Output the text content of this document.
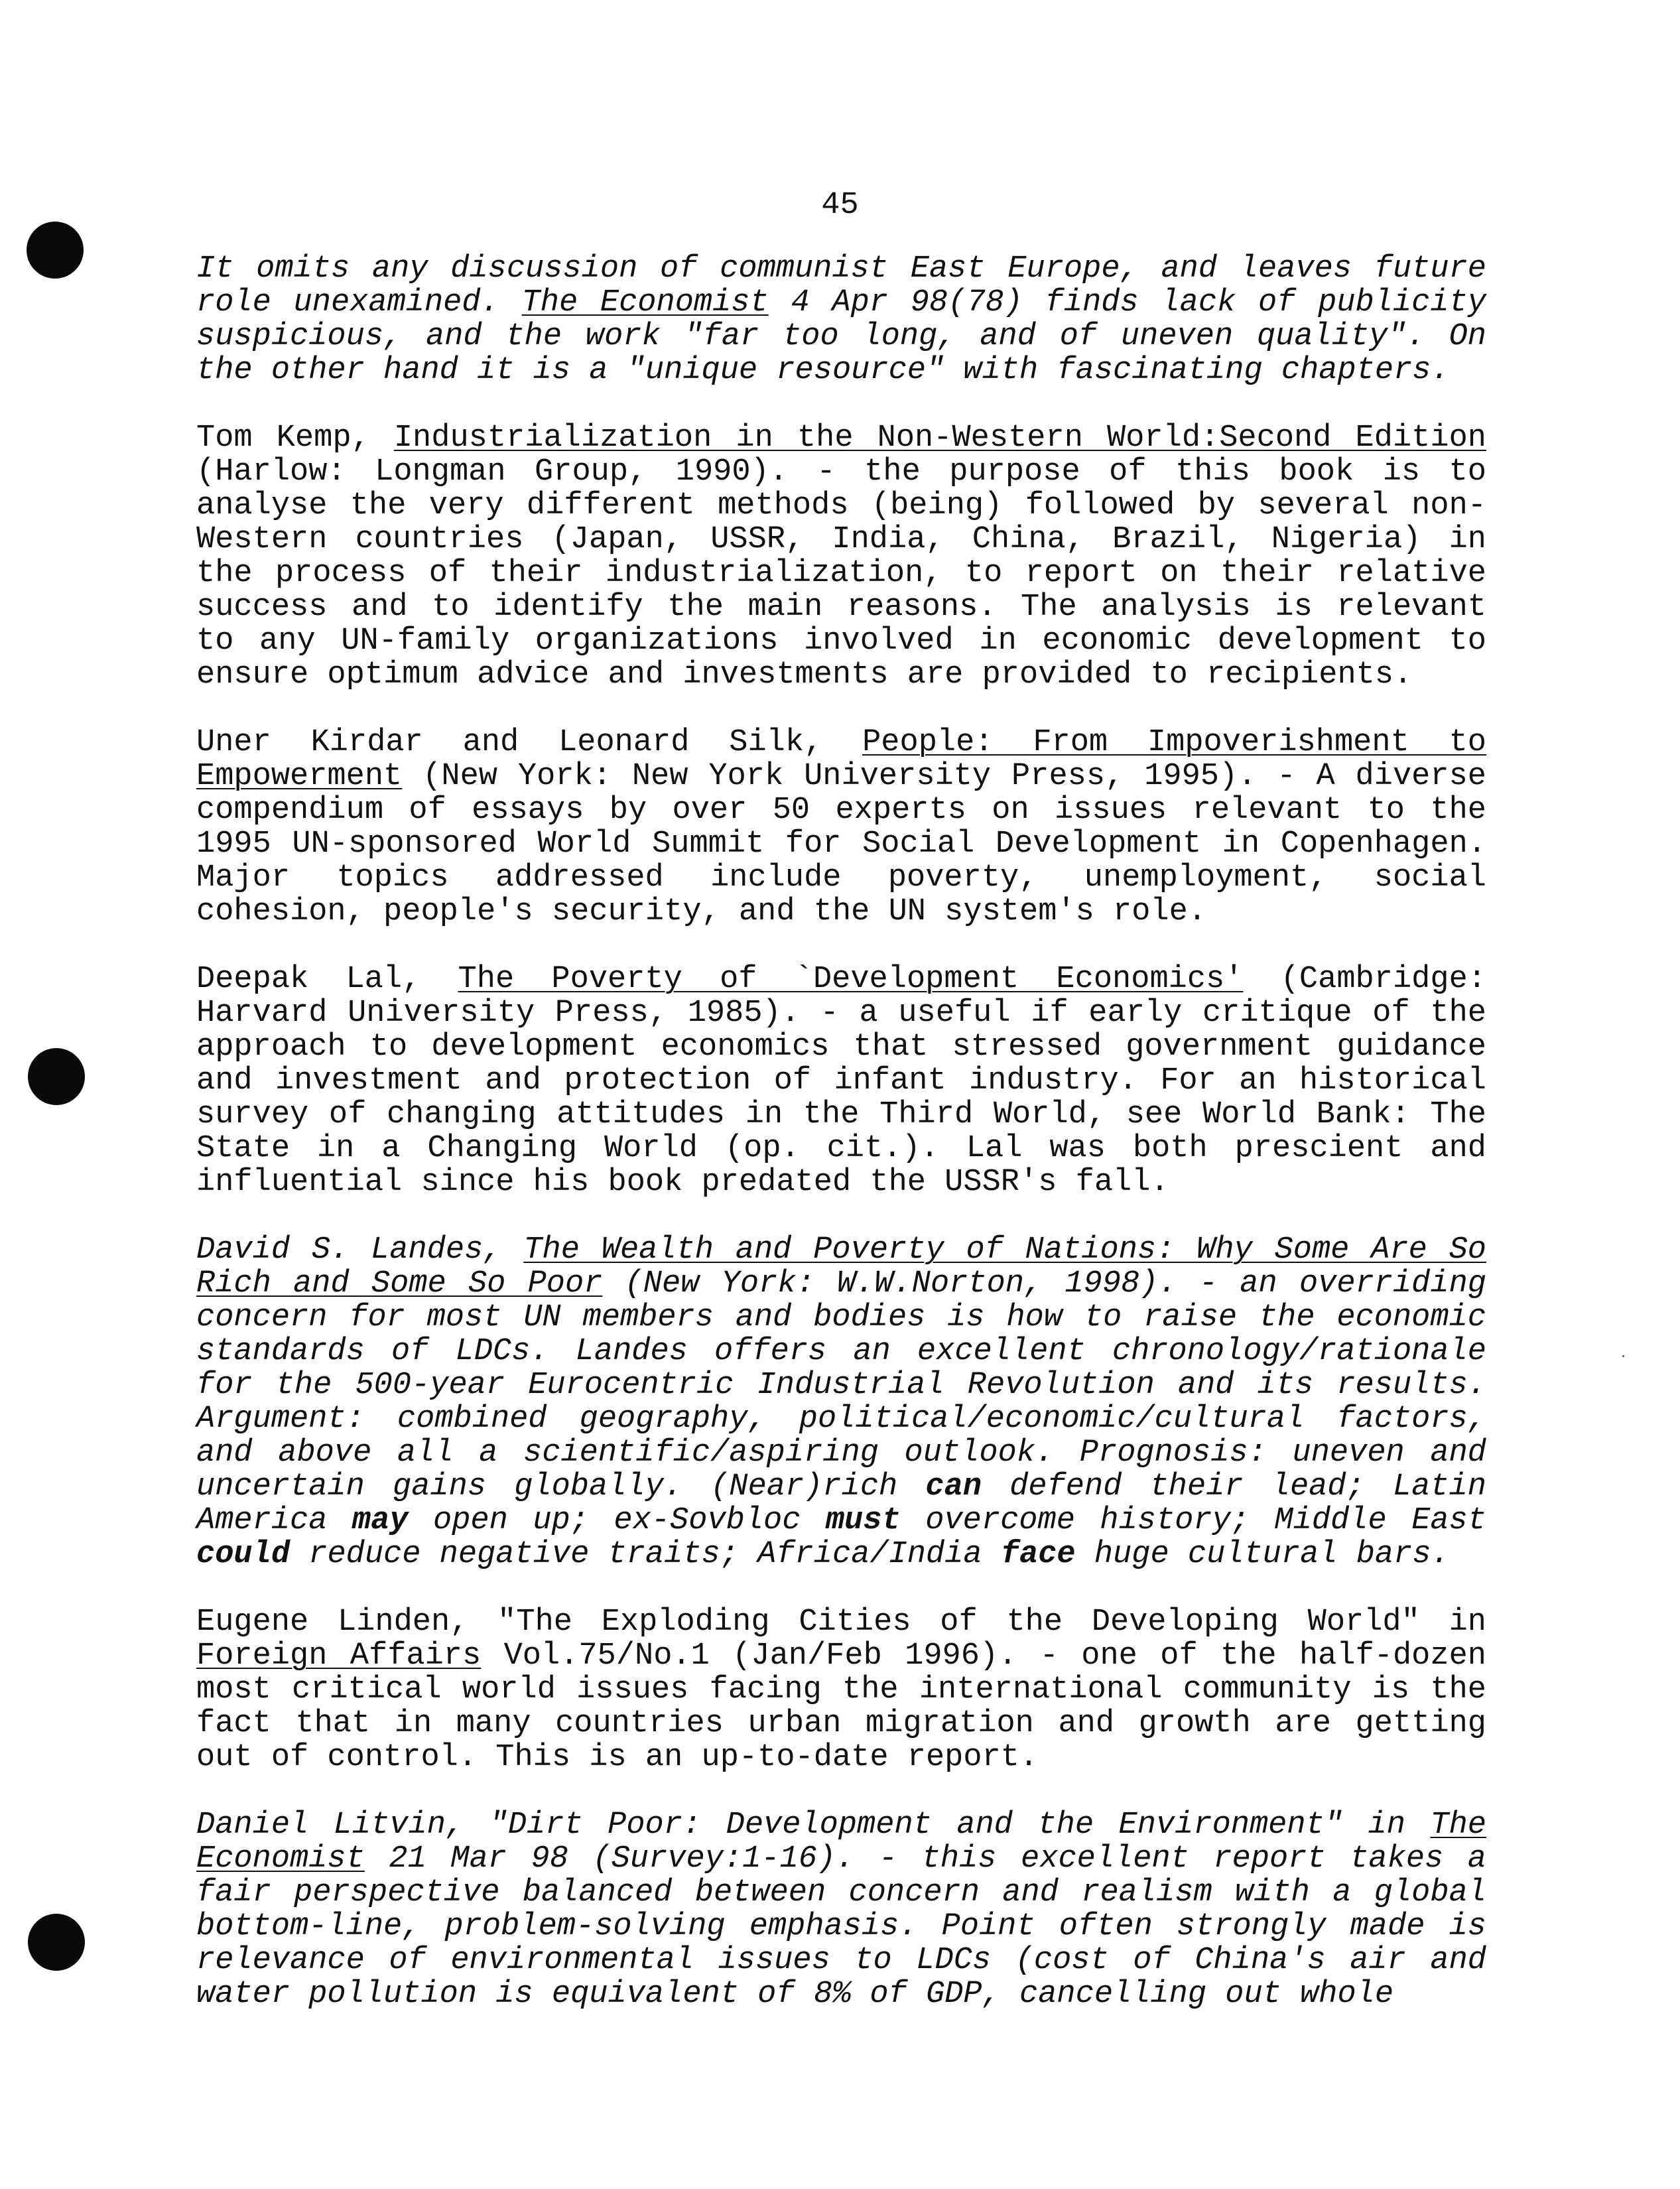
45

It omits any discussion of communist East Europe, and leaves future role unexamined. The Economist 4 Apr 98(78) finds lack of publicity suspicious, and the work "far too long, and of uneven quality". On the other hand it is a "unique resource" with fascinating chapters.

Tom Kemp, Industrialization in the Non-Western World:Second Edition (Harlow: Longman Group, 1990). - the purpose of this book is to analyse the very different methods (being) followed by several non-Western countries (Japan, USSR, India, China, Brazil, Nigeria) in the process of their industrialization, to report on their relative success and to identify the main reasons. The analysis is relevant to any UN-family organizations involved in economic development to ensure optimum advice and investments are provided to recipients.

Uner Kirdar and Leonard Silk, People: From Impoverishment to Empowerment (New York: New York University Press, 1995). - A diverse compendium of essays by over 50 experts on issues relevant to the 1995 UN-sponsored World Summit for Social Development in Copenhagen. Major topics addressed include poverty, unemployment, social cohesion, people's security, and the UN system's role.

Deepak Lal, The Poverty of `Development Economics' (Cambridge: Harvard University Press, 1985). - a useful if early critique of the approach to development economics that stressed government guidance and investment and protection of infant industry. For an historical survey of changing attitudes in the Third World, see World Bank: The State in a Changing World (op. cit.). Lal was both prescient and influential since his book predated the USSR's fall.

David S. Landes, The Wealth and Poverty of Nations: Why Some Are So Rich and Some So Poor (New York: W.W.Norton, 1998). - an overriding concern for most UN members and bodies is how to raise the economic standards of LDCs. Landes offers an excellent chronology/rationale for the 500-year Eurocentric Industrial Revolution and its results. Argument: combined geography, political/economic/cultural factors, and above all a scientific/aspiring outlook. Prognosis: uneven and uncertain gains globally. (Near)rich can defend their lead; Latin America may open up; ex-Sovbloc must overcome history; Middle East could reduce negative traits; Africa/India face huge cultural bars.

Eugene Linden, "The Exploding Cities of the Developing World" in Foreign Affairs Vol.75/No.1 (Jan/Feb 1996). - one of the half-dozen most critical world issues facing the international community is the fact that in many countries urban migration and growth are getting out of control. This is an up-to-date report.

Daniel Litvin, "Dirt Poor: Development and the Environment" in The Economist 21 Mar 98 (Survey:1-16). - this excellent report takes a fair perspective balanced between concern and realism with a global bottom-line, problem-solving emphasis. Point often strongly made is relevance of environmental issues to LDCs (cost of China's air and water pollution is equivalent of 8% of GDP, cancelling out whole
